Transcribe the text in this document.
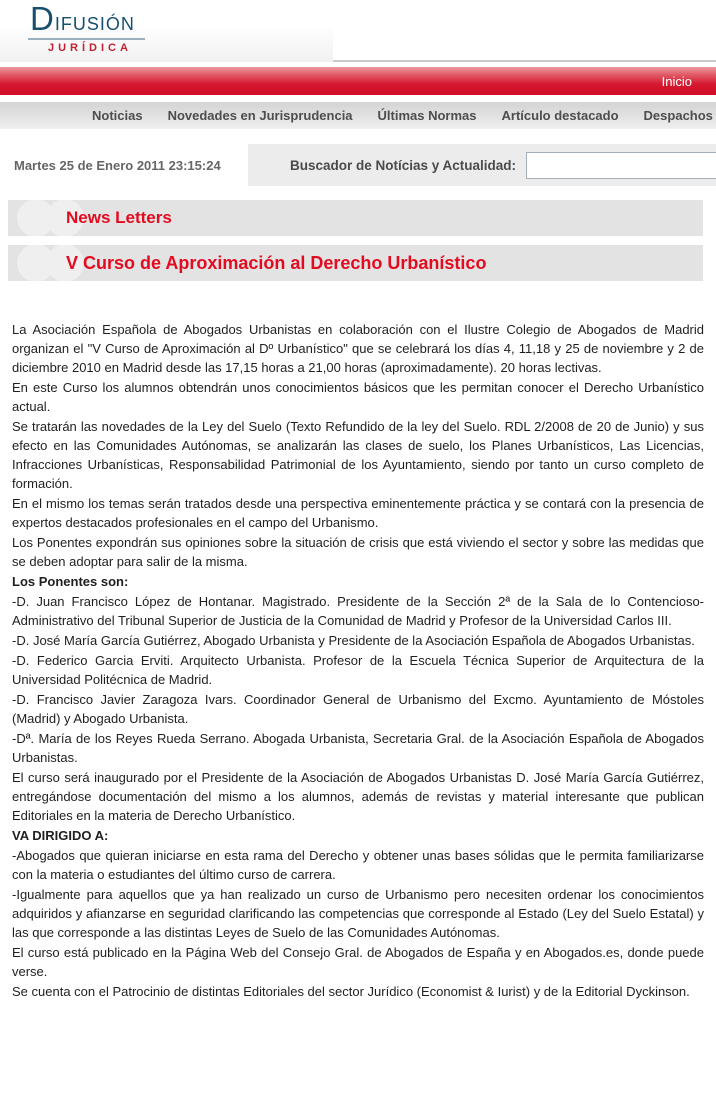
Difusión
JURÍDICA
Inicio
Noticias Novedades en Jurisprudencia Últimas Normas Artículo destacado Despachos
Martes 25 de Enero 2011 23:15:24	Buscador de Notícias y Actualidad:
News Letters
V Curso de Aproximación al Derecho Urbanístico

La Asociación Española de Abogados Urbanistas en colaboración con el Ilustre Colegio de Abogados de Madrid organizan el "V Curso de Aproximación al Dº Urbanístico" que se celebrará los días 4, 11,18 y 25 de noviembre y 2 de diciembre 2010 en Madrid desde las 17,15 horas a 21,00 horas (aproximadamente). 20 horas lectivas.

En este Curso los alumnos obtendrán unos conocimientos básicos que les permitan conocer el Derecho Urbanístico actual.

Se tratarán las novedades de la Ley del Suelo (Texto Refundido de la ley del Suelo. RDL 2/2008 de 20 de Junio) y sus efecto en las Comunidades Autónomas, se analizarán las clases de suelo, los Planes Urbanísticos, Las Licencias, Infracciones Urbanísticas, Responsabilidad Patrimonial de los Ayuntamiento, siendo por tanto un curso completo de formación.

En el mismo los temas serán tratados desde una perspectiva eminentemente práctica y se contará con la presencia de expertos destacados profesionales en el campo del Urbanismo.

Los Ponentes expondrán sus opiniones sobre la situación de crisis que está viviendo el sector y sobre las medidas que se deben adoptar para salir de la misma.

Los Ponentes son:

-D. Juan Francisco López de Hontanar. Magistrado. Presidente de la Sección 2ª de la Sala de lo Contencioso-Administrativo del Tribunal Superior de Justicia de la Comunidad de Madrid y Profesor de la Universidad Carlos III.

-D. José María García Gutiérrez, Abogado Urbanista y Presidente de la Asociación Española de Abogados Urbanistas.

-D. Federico Garcia Erviti. Arquitecto Urbanista. Profesor de la Escuela Técnica Superior de Arquitectura de la Universidad Politécnica de Madrid.

-D. Francisco Javier Zaragoza Ivars. Coordinador General de Urbanismo del Excmo. Ayuntamiento de Móstoles (Madrid) y Abogado Urbanista.

-Dª. María de los Reyes Rueda Serrano. Abogada Urbanista, Secretaria Gral. de la Asociación Española de Abogados Urbanistas.

El curso será inaugurado por el Presidente de la Asociación de Abogados Urbanistas D. José María García Gutiérrez, entregándose documentación del mismo a los alumnos, además de revistas y material interesante que publican Editoriales en la materia de Derecho Urbanístico.

VA DIRIGIDO A:

-Abogados que quieran iniciarse en esta rama del Derecho y obtener unas bases sólidas que le permita familiarizarse con la materia o estudiantes del último curso de carrera.

-Igualmente para aquellos que ya han realizado un curso de Urbanismo pero necesiten ordenar los conocimientos adquiridos y afianzarse en seguridad clarificando las competencias que corresponde al Estado (Ley del Suelo Estatal) y las que corresponde a las distintas Leyes de Suelo de las Comunidades Autónomas.

El curso está publicado en la Página Web del Consejo Gral. de Abogados de España y en Abogados.es, donde puede verse.

Se cuenta con el Patrocinio de distintas Editoriales del sector Jurídico (Economist & Iurist) y de la Editorial Dyckinson.
